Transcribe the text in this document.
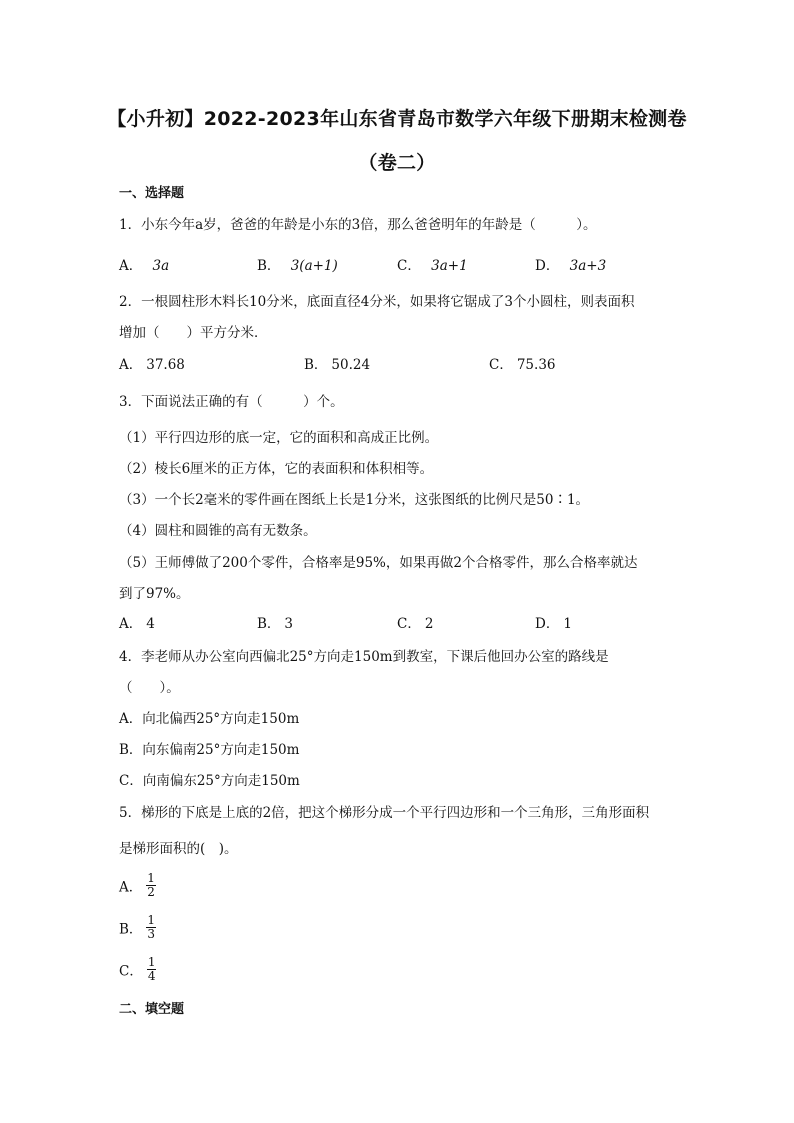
【小升初】2022-2023年山东省青岛市数学六年级下册期末检测卷
（卷二）
一、选择题
1．小东今年a岁，爸爸的年龄是小东的3倍，那么爸爸明年的年龄是（　　　）。
A． 3a	B． 3(a+1)	C． 3a+1	D． 3a+3
2．一根圆柱形木料长10分米，底面直径4分米，如果将它锯成了3个小圆柱，则表面积
增加（　　）平方分米．
A． 37.68	B． 50.24	C． 75.36
3．下面说法正确的有（　　　）个。
（1）平行四边形的底一定，它的面积和高成正比例。
（2）棱长6厘米的正方体，它的表面积和体积相等。
（3）一个长2毫米的零件画在图纸上长是1分米，这张图纸的比例尺是50∶1。
（4）圆柱和圆锥的高有无数条。
（5）王师傅做了200个零件，合格率是95%，如果再做2个合格零件，那么合格率就达
到了97%。
A． 4	B． 3	C． 2	D． 1
4．李老师从办公室向西偏北25°方向走150m到教室，下课后他回办公室的路线是
（　　）。
A．向北偏西25°方向走150m
B．向东偏南25°方向走150m
C．向南偏东25°方向走150m
5．梯形的下底是上底的2倍，把这个梯形分成一个平行四边形和一个三角形，三角形面积
是梯形面积的(　)。
A． $\frac{1}{2}$
B． $\frac{1}{3}$
C． $\frac{1}{4}$
二、填空题
